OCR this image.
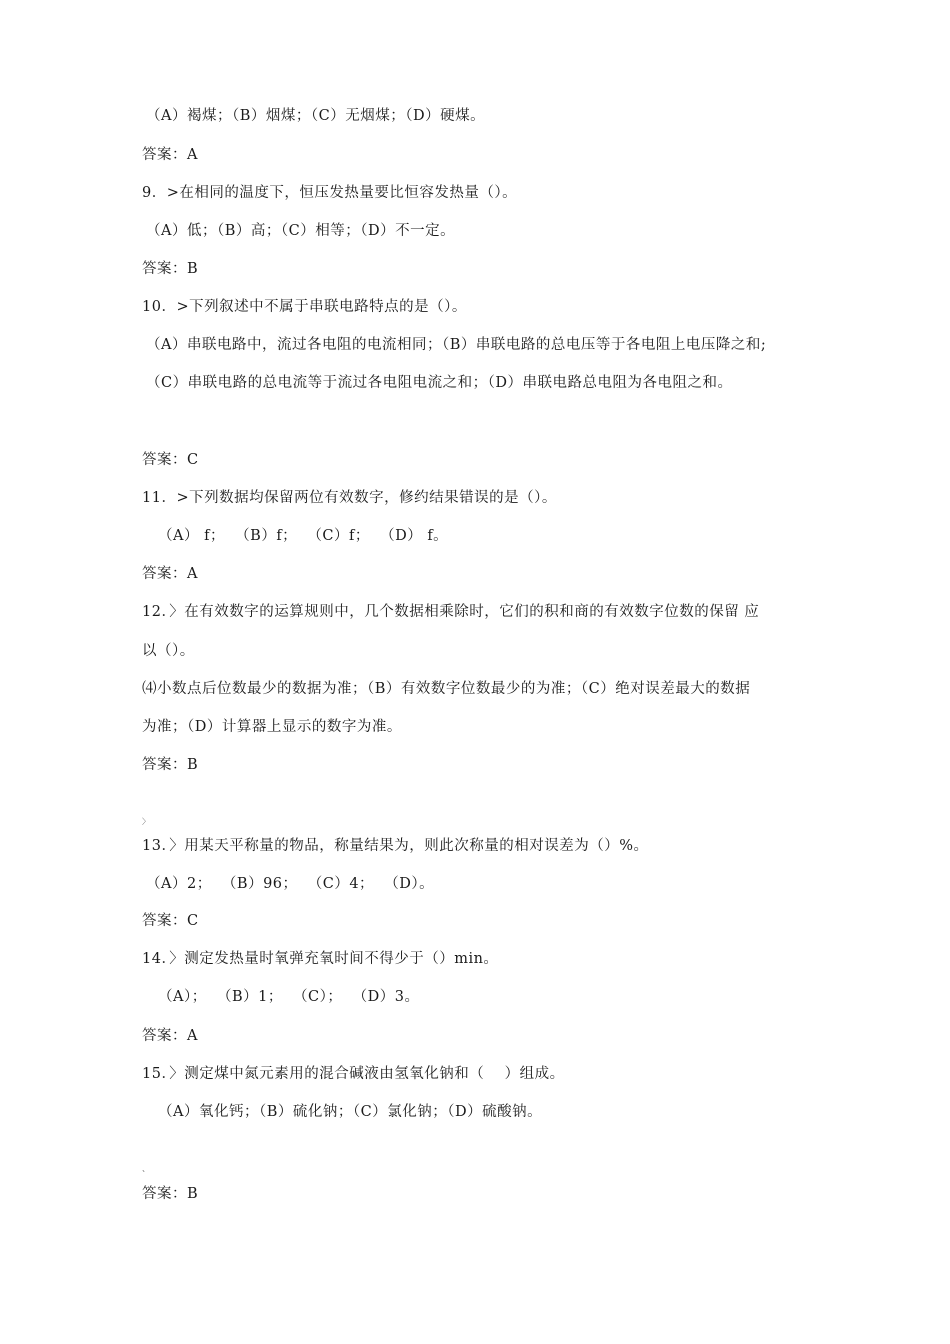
（A）褐煤；（B）烟煤；（C）无烟煤；（D）硬煤。
答案：A
9．>在相同的温度下，恒压发热量要比恒容发热量（）。
（A）低；（B）高；（C）相等；（D）不一定。
答案：B
10．>下列叙述中不属于串联电路特点的是（）。
（A）串联电路中，流过各电阻的电流相同；（B）串联电路的总电压等于各电阻上电压降之和;
（C）串联电路的总电流等于流过各电阻电流之和；（D）串联电路总电阻为各电阻之和。
答案：C
11．>下列数据均保留两位有效数字，修约结果错误的是（）。
（A） f；  （B）f；  （C）f；  （D） f。
答案：A
12．〉在有效数字的运算规则中，几个数据相乘除时，它们的积和商的有效数字位数的保留 应
以（）。
⑷小数点后位数最少的数据为准；（B）有效数字位数最少的为准；（C）绝对误差最大的数据
为准；（D）计算器上显示的数字为准。
答案：B
〉
13．〉用某天平称量的物品，称量结果为，则此次称量的相对误差为（）%。
（A）2；  （B）96；  （C）4；  （D）。
答案：C
14．〉测定发热量时氧弹充氧时间不得少于（）min。
（A）；  （B）1；  （C）；  （D）3。
答案：A
15．〉测定煤中氮元素用的混合碱液由氢氧化钠和（    ）组成。
（A）氧化钙；（B）硫化钠；（C）氯化钠；（D）硫酸钠。
、
答案：B
